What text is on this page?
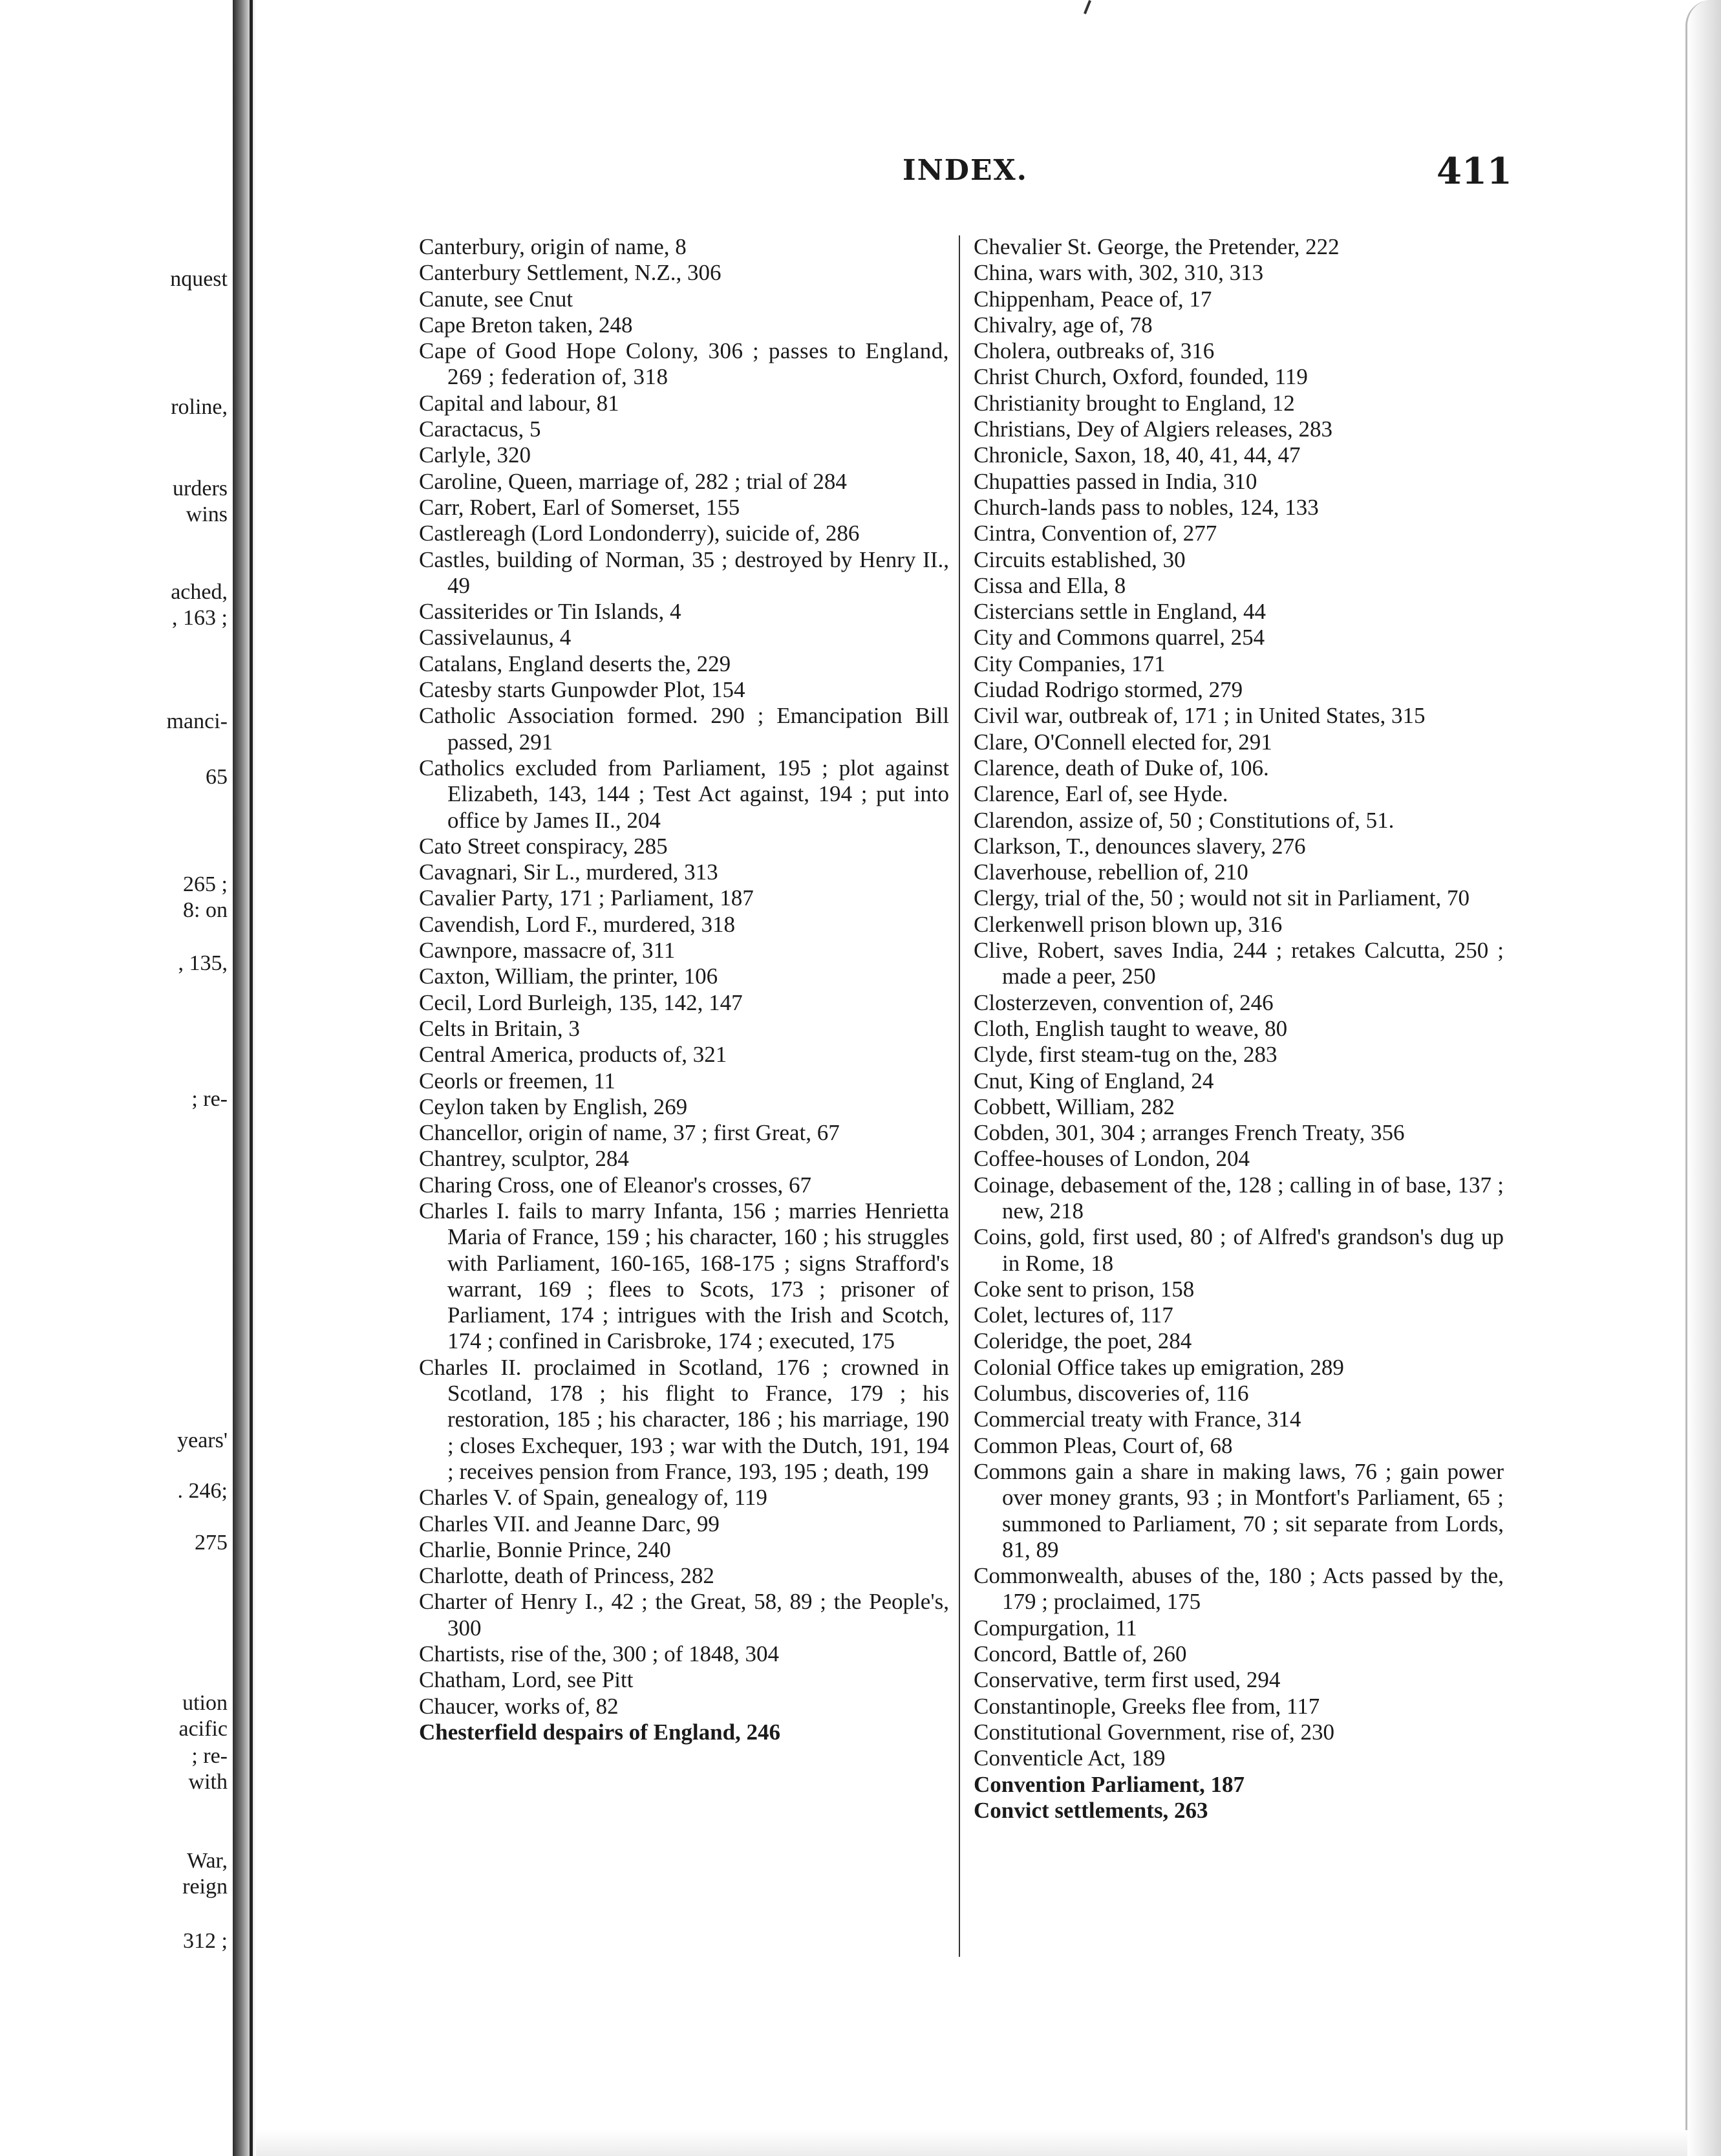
nquest
roline,
urders
wins
ached,
, 163 ;
manci-
65
265 ;
8: on
, 135,
; re-
years'
. 246;
275
ution
acific
; re-
with
War,
reign
312 ;
INDEX.	411
Canterbury, origin of name, 8
Canterbury Settlement, N.Z., 306
Canute, see Cnut
Cape Breton taken, 248
Cape of Good Hope Colony, 306 ; passes to England, 269 ; federation of, 318
Capital and labour, 81
Caractacus, 5
Carlyle, 320
Caroline, Queen, marriage of, 282 ; trial of 284
Carr, Robert, Earl of Somerset, 155
Castlereagh (Lord Londonderry), suicide of, 286
Castles, building of Norman, 35 ; destroyed by Henry II., 49
Cassiterides or Tin Islands, 4
Cassivelaunus, 4
Catalans, England deserts the, 229
Catesby starts Gunpowder Plot, 154
Catholic Association formed. 290 ; Emancipation Bill passed, 291
Catholics excluded from Parliament, 195 ; plot against Elizabeth, 143, 144 ; Test Act against, 194 ; put into office by James II., 204
Cato Street conspiracy, 285
Cavagnari, Sir L., murdered, 313
Cavalier Party, 171 ; Parliament, 187
Cavendish, Lord F., murdered, 318
Cawnpore, massacre of, 311
Caxton, William, the printer, 106
Cecil, Lord Burleigh, 135, 142, 147
Celts in Britain, 3
Central America, products of, 321
Ceorls or freemen, 11
Ceylon taken by English, 269
Chancellor, origin of name, 37 ; first Great, 67
Chantrey, sculptor, 284
Charing Cross, one of Eleanor's crosses, 67
Charles I. fails to marry Infanta, 156 ; marries Henrietta Maria of France, 159 ; his character, 160 ; his struggles with Parliament, 160-165, 168-175 ; signs Strafford's warrant, 169 ; flees to Scots, 173 ; prisoner of Parliament, 174 ; intrigues with the Irish and Scotch, 174 ; confined in Carisbroke, 174 ; executed, 175
Charles II. proclaimed in Scotland, 176 ; crowned in Scotland, 178 ; his flight to France, 179 ; his restoration, 185 ; his character, 186 ; his marriage, 190 ; closes Exchequer, 193 ; war with the Dutch, 191, 194 ; receives pension from France, 193, 195 ; death, 199
Charles V. of Spain, genealogy of, 119
Charles VII. and Jeanne Darc, 99
Charlie, Bonnie Prince, 240
Charlotte, death of Princess, 282
Charter of Henry I., 42 ; the Great, 58, 89 ; the People's, 300
Chartists, rise of the, 300 ; of 1848, 304
Chatham, Lord, see Pitt
Chaucer, works of, 82
Chesterfield despairs of England, 246
Chevalier St. George, the Pretender, 222
China, wars with, 302, 310, 313
Chippenham, Peace of, 17
Chivalry, age of, 78
Cholera, outbreaks of, 316
Christ Church, Oxford, founded, 119
Christianity brought to England, 12
Christians, Dey of Algiers releases, 283
Chronicle, Saxon, 18, 40, 41, 44, 47
Chupatties passed in India, 310
Church-lands pass to nobles, 124, 133
Cintra, Convention of, 277
Circuits established, 30
Cissa and Ella, 8
Cistercians settle in England, 44
City and Commons quarrel, 254
City Companies, 171
Ciudad Rodrigo stormed, 279
Civil war, outbreak of, 171 ; in United States, 315
Clare, O'Connell elected for, 291
Clarence, death of Duke of, 106.
Clarence, Earl of, see Hyde.
Clarendon, assize of, 50 ; Constitutions of, 51.
Clarkson, T., denounces slavery, 276
Claverhouse, rebellion of, 210
Clergy, trial of the, 50 ; would not sit in Parliament, 70
Clerkenwell prison blown up, 316
Clive, Robert, saves India, 244 ; retakes Calcutta, 250 ; made a peer, 250
Closterzeven, convention of, 246
Cloth, English taught to weave, 80
Clyde, first steam-tug on the, 283
Cnut, King of England, 24
Cobbett, William, 282
Cobden, 301, 304 ; arranges French Treaty, 356
Coffee-houses of London, 204
Coinage, debasement of the, 128 ; calling in of base, 137 ; new, 218
Coins, gold, first used, 80 ; of Alfred's grandson's dug up in Rome, 18
Coke sent to prison, 158
Colet, lectures of, 117
Coleridge, the poet, 284
Colonial Office takes up emigration, 289
Columbus, discoveries of, 116
Commercial treaty with France, 314
Common Pleas, Court of, 68
Commons gain a share in making laws, 76 ; gain power over money grants, 93 ; in Montfort's Parliament, 65 ; summoned to Parliament, 70 ; sit separate from Lords, 81, 89
Commonwealth, abuses of the, 180 ; Acts passed by the, 179 ; proclaimed, 175
Compurgation, 11
Concord, Battle of, 260
Conservative, term first used, 294
Constantinople, Greeks flee from, 117
Constitutional Government, rise of, 230
Conventicle Act, 189
Convention Parliament, 187
Convict settlements, 263
